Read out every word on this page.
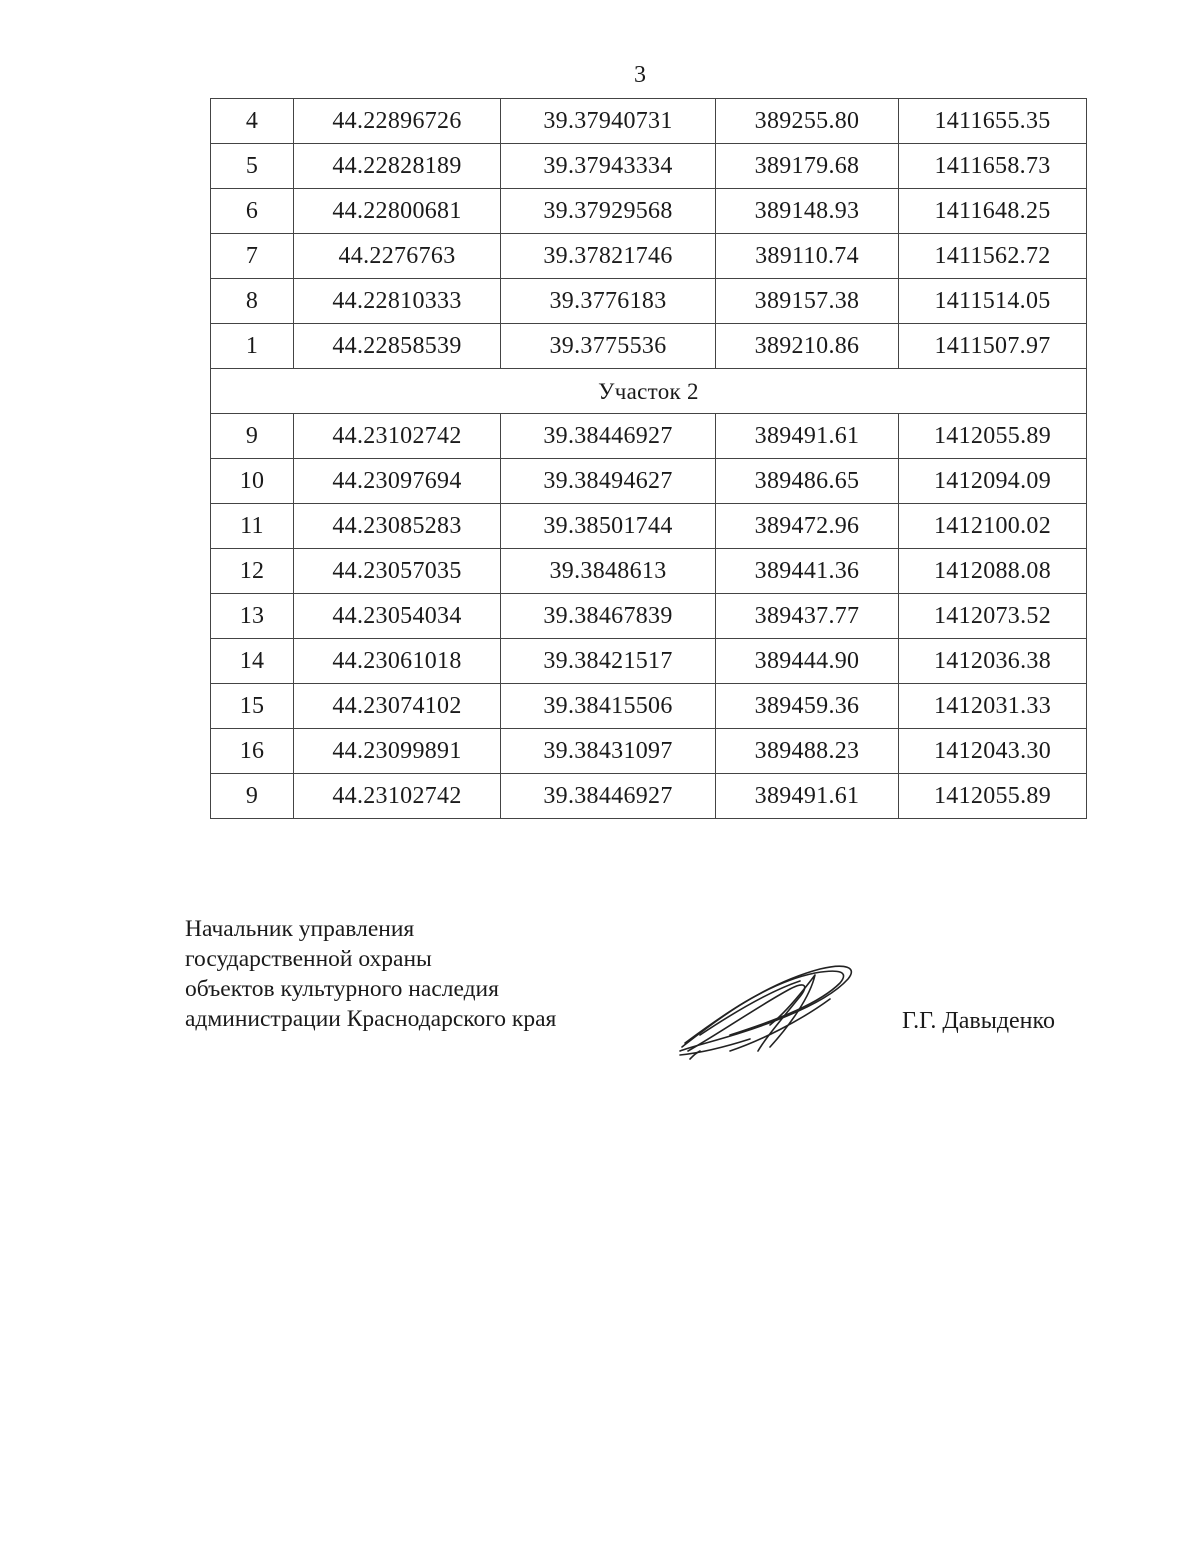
3
4	44.22896726	39.37940731	389255.80	1411655.35
5	44.22828189	39.37943334	389179.68	1411658.73
6	44.22800681	39.37929568	389148.93	1411648.25
7	44.2276763	39.37821746	389110.74	1411562.72
8	44.22810333	39.3776183	389157.38	1411514.05
1	44.22858539	39.3775536	389210.86	1411507.97
Участок 2				
9	44.23102742	39.38446927	389491.61	1412055.89
10	44.23097694	39.38494627	389486.65	1412094.09
11	44.23085283	39.38501744	389472.96	1412100.02
12	44.23057035	39.3848613	389441.36	1412088.08
13	44.23054034	39.38467839	389437.77	1412073.52
14	44.23061018	39.38421517	389444.90	1412036.38
15	44.23074102	39.38415506	389459.36	1412031.33
16	44.23099891	39.38431097	389488.23	1412043.30
9	44.23102742	39.38446927	389491.61	1412055.89
Начальник управления
государственной охраны
объектов культурного наследия
администрации Краснодарского края	Г.Г. Давыденко
